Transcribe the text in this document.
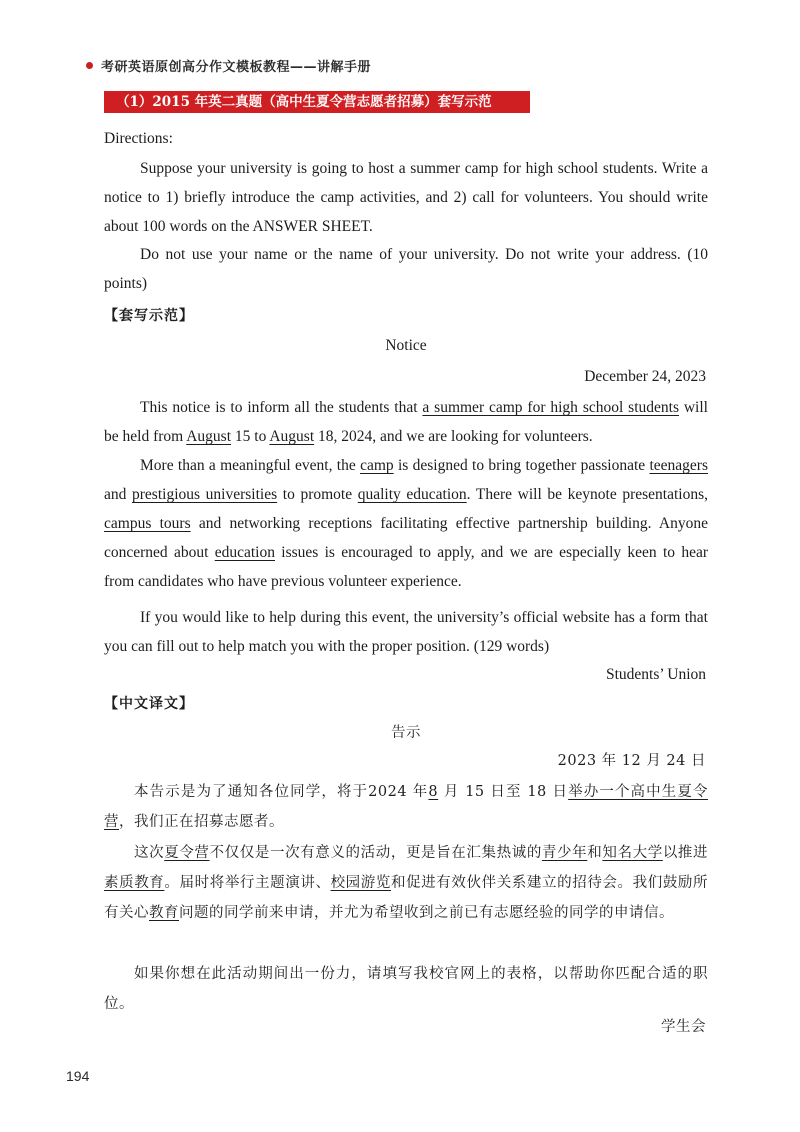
考研英语原创高分作文模板教程——讲解手册
（1）2015 年英二真题（高中生夏令营志愿者招募）套写示范
Directions:
Suppose your university is going to host a summer camp for high school students. Write a notice to 1) briefly introduce the camp activities, and 2) call for volunteers. You should write about 100 words on the ANSWER SHEET.
Do not use your name or the name of your university. Do not write your address. (10 points)
【套写示范】
Notice
December 24, 2023
This notice is to inform all the students that a summer camp for high school students will be held from August 15 to August 18, 2024, and we are looking for volunteers.
More than a meaningful event, the camp is designed to bring together passionate teenagers and prestigious universities to promote quality education. There will be keynote presentations, campus tours and networking receptions facilitating effective partnership building. Anyone concerned about education issues is encouraged to apply, and we are especially keen to hear from candidates who have previous volunteer experience.
If you would like to help during this event, the university’s official website has a form that you can fill out to help match you with the proper position. (129 words)
Students’ Union
【中文译文】
告示
2023 年 12 月 24 日
本告示是为了通知各位同学，将于2024 年8 月 15 日至 18 日举办一个高中生夏令营，我们正在招募志愿者。
这次夏令营不仅仅是一次有意义的活动，更是旨在汇集热诚的青少年和知名大学以推进素质教育。届时将举行主题演讲、校园游览和促进有效伙伴关系建立的招待会。我们鼓励所有关心教育问题的同学前来申请，并尤为希望收到之前已有志愿经验的同学的申请信。
如果你想在此活动期间出一份力，请填写我校官网上的表格，以帮助你匹配合适的职位。
学生会
194
